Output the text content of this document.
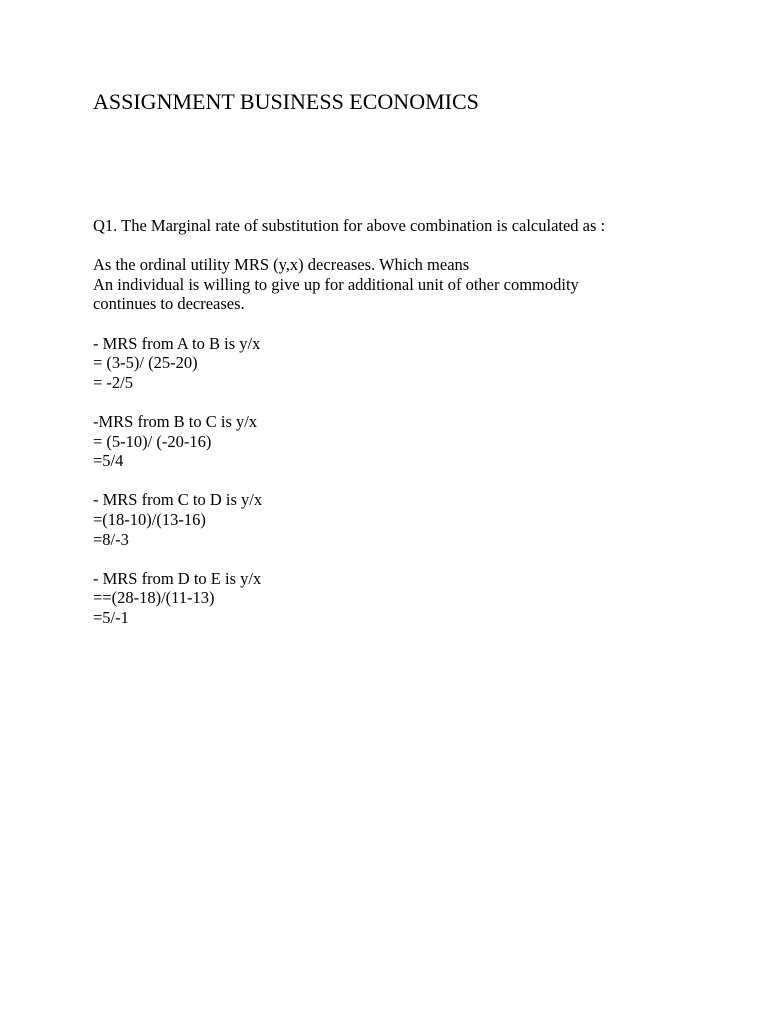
ASSIGNMENT BUSINESS ECONOMICS
Q1. The Marginal rate of substitution for above combination is calculated as :
As the ordinal utility MRS (y,x) decreases. Which means
An individual is willing to give up for additional unit of other commodity
continues to decreases.
- MRS from A to B is y/x
= (3-5)/ (25-20)
= -2/5
-MRS from B to C is y/x
= (5-10)/ (-20-16)
=5/4
- MRS from C to D is y/x
=(18-10)/(13-16)
=8/-3
- MRS from D to E is y/x
==(28-18)/(11-13)
=5/-1
